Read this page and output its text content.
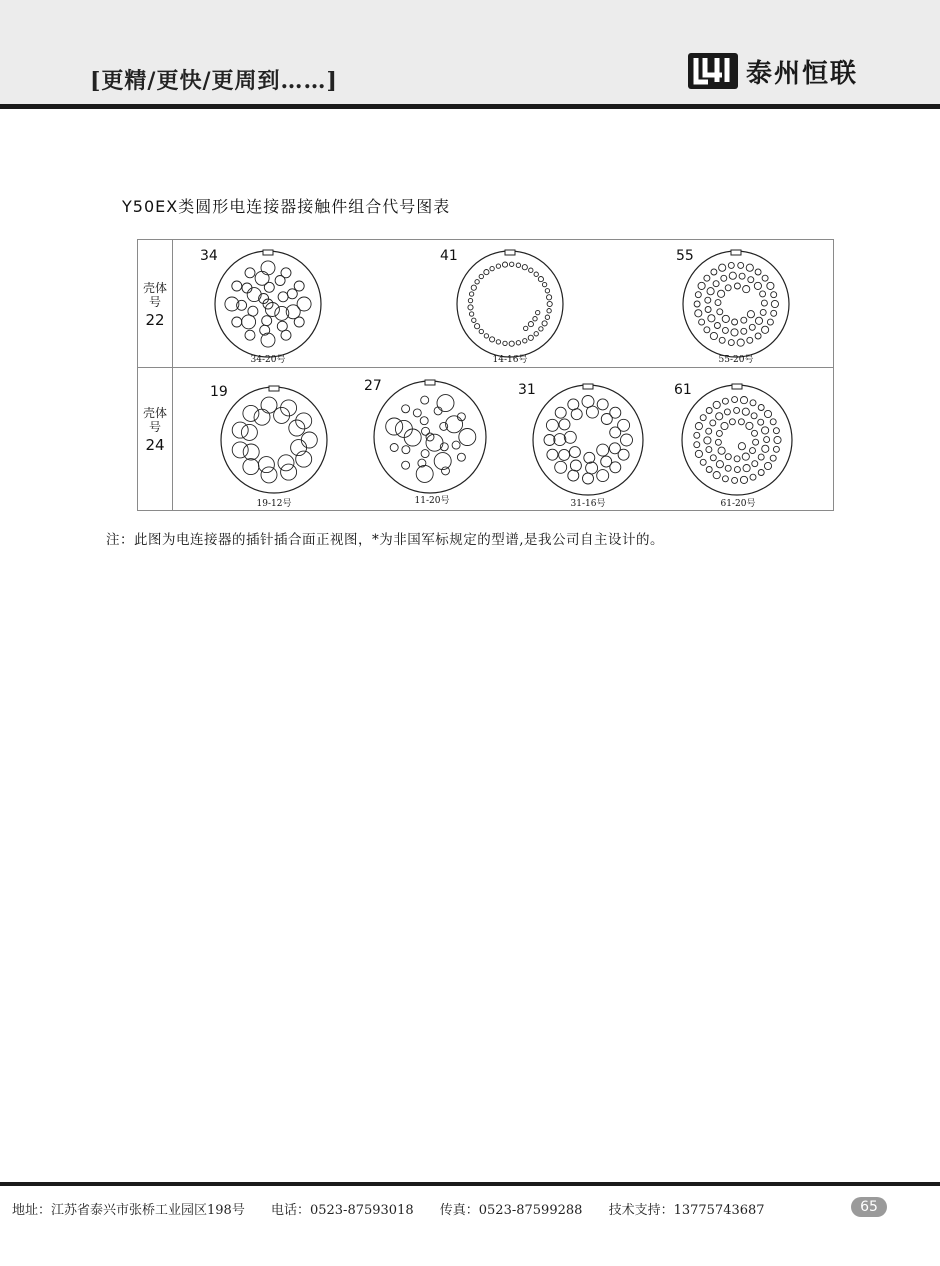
[更精/更快/更周到……]	泰州恒联
Y50EX类圆形电连接器接触件组合代号图表
壳体号
22
壳体号
24
34
34-20号
41
14-16号
55
55-20号
19
19-12号
27
11-20号
31
31-16号
61
61-20号
注：此图为电连接器的插针插合面正视图，*为非国军标规定的型谱,是我公司自主设计的。
地址：江苏省泰兴市张桥工业园区198号 电话：0523-87593018 传真：0523-87599288 技术支持：13775743687	65
